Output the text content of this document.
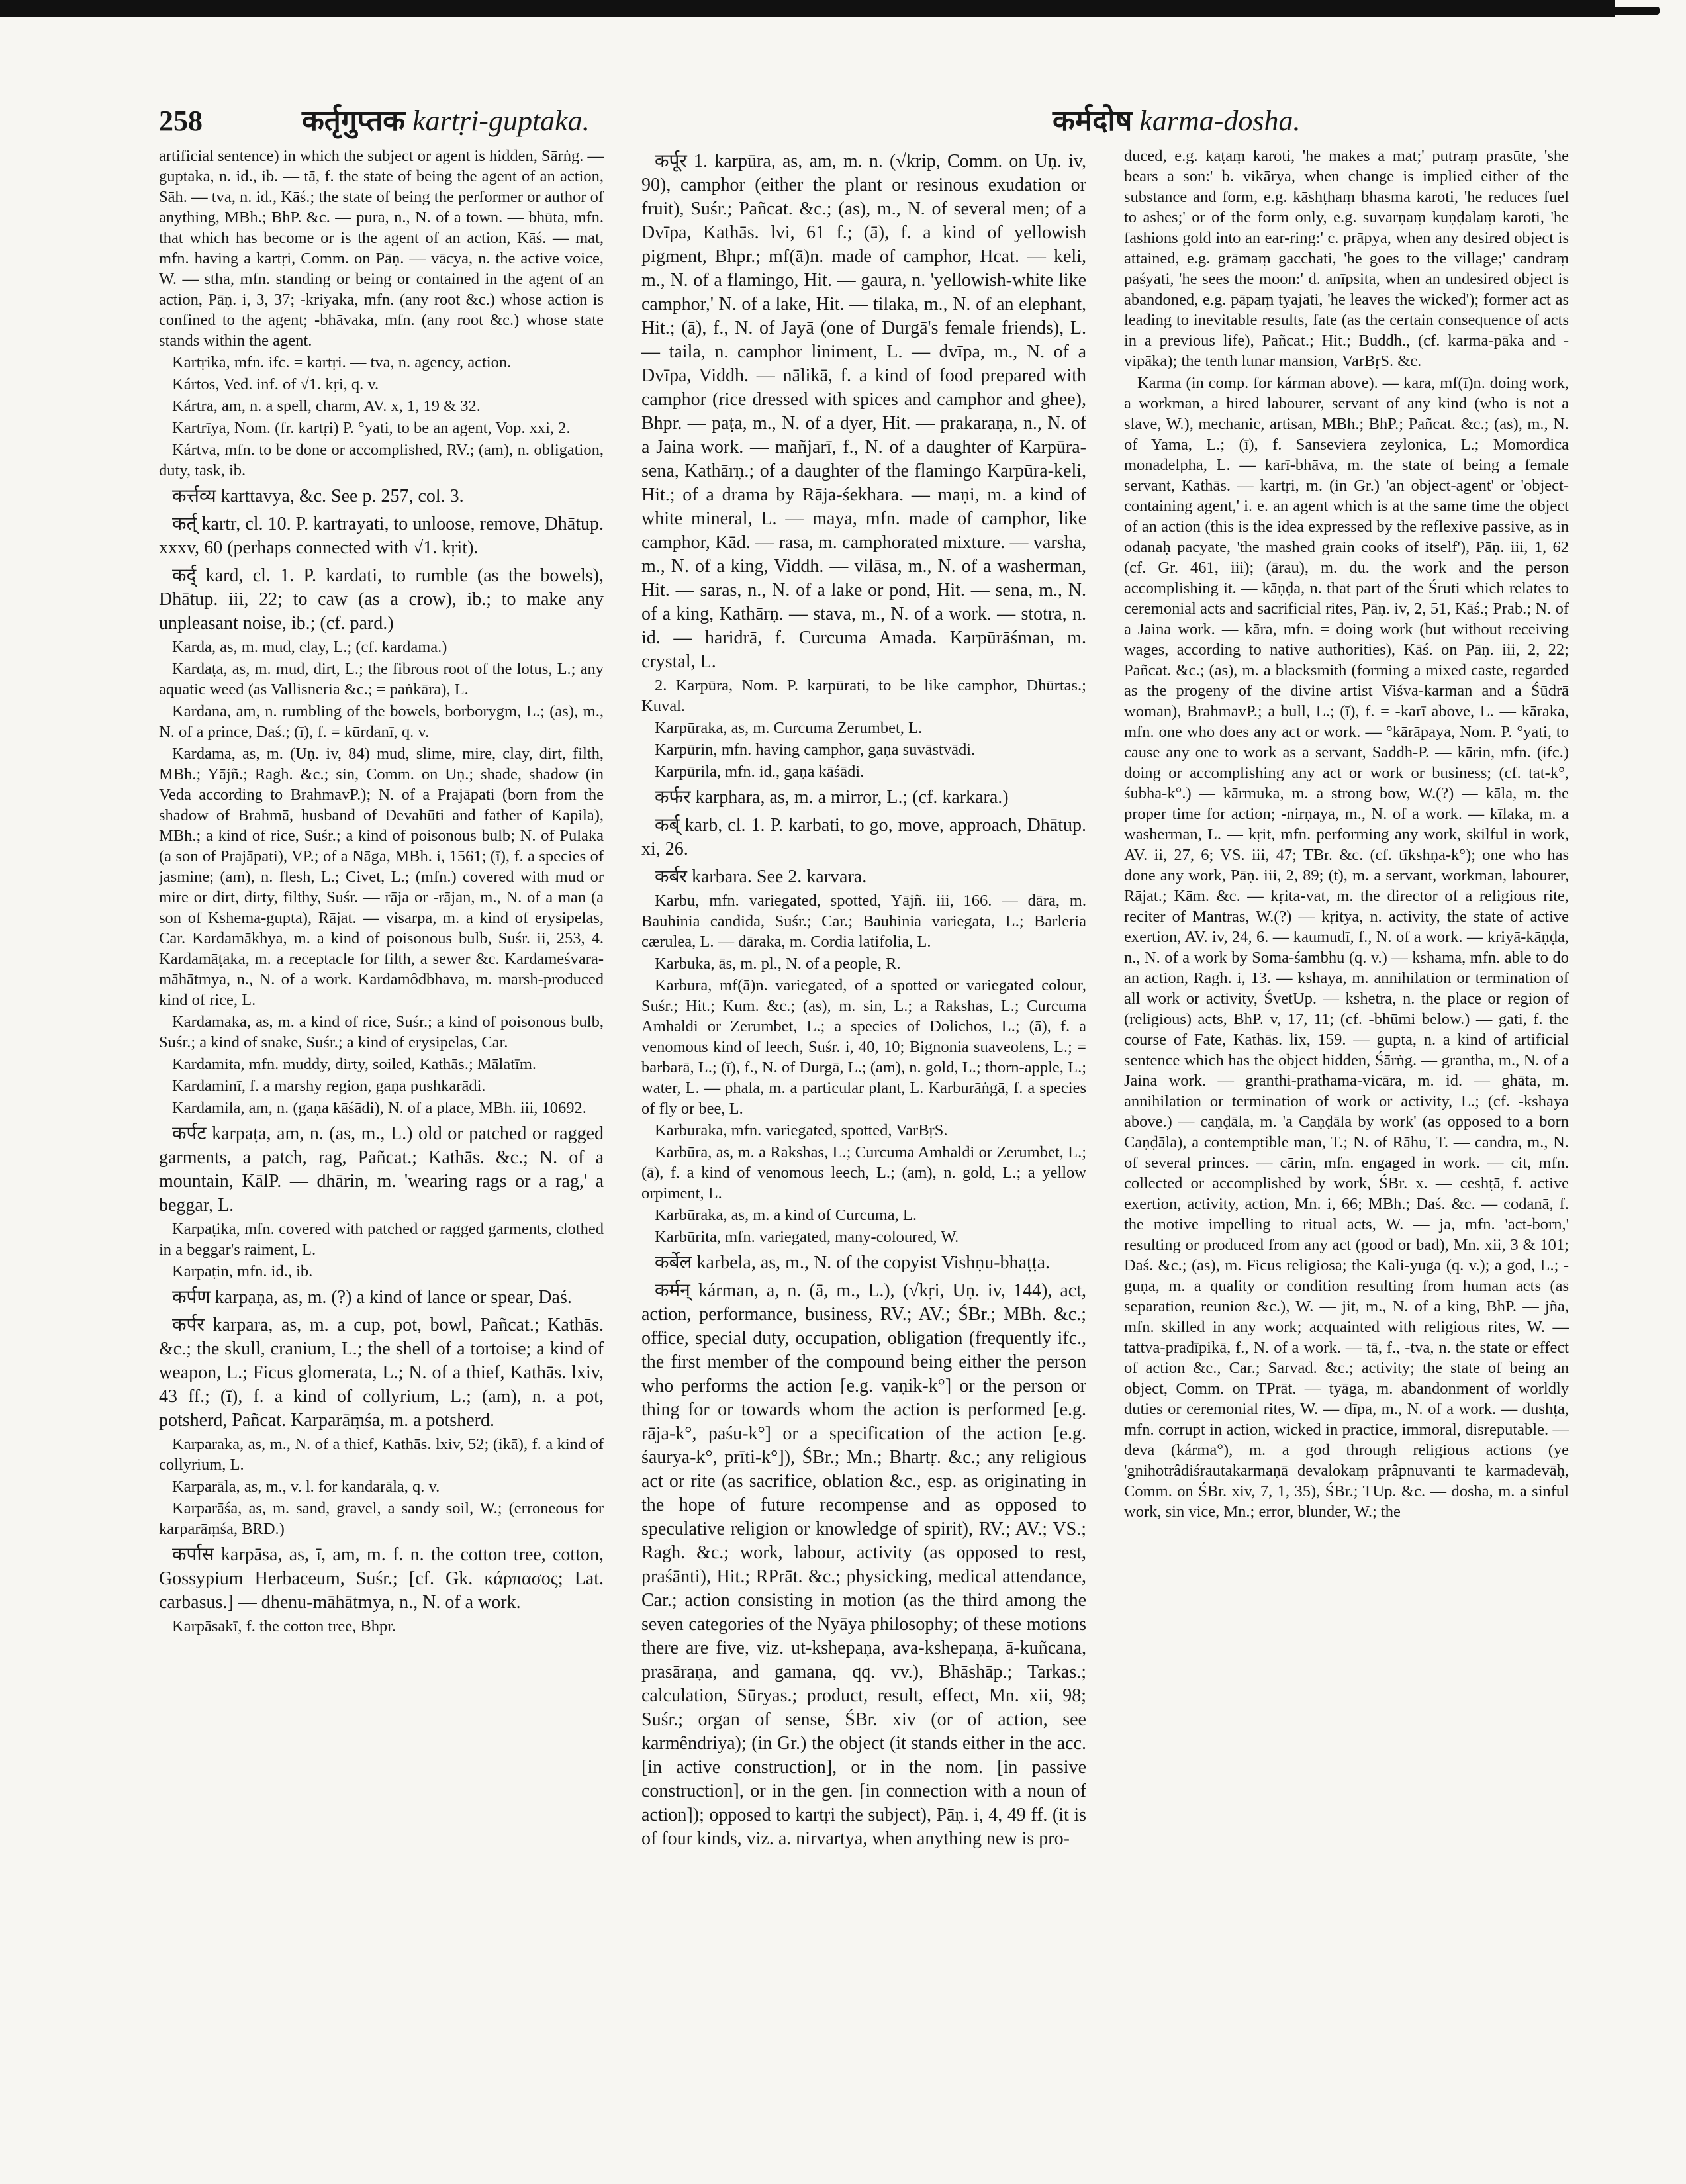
258	कर्तृगुप्तक kartṛi-guptaka.	कर्मदोष karma-dosha.

artificial sentence) in which the subject or agent is hidden, Sārṅg. — guptaka, n. id., ib. — tā, f. the state of being the agent of an action, Sāh. — tva, n. id., Kāś.; the state of being the performer or author of anything, MBh.; BhP. &c. — pura, n., N. of a town. — bhūta, mfn. that which has become or is the agent of an action, Kāś. — mat, mfn. having a kartṛi, Comm. on Pāṇ. — vācya, n. the active voice, W. — stha, mfn. standing or being or contained in the agent of an action, Pāṇ. i, 3, 37; -kriyaka, mfn. (any root &c.) whose action is confined to the agent; -bhāvaka, mfn. (any root &c.) whose state stands within the agent.

Kartṛika, mfn. ifc. = kartṛi. — tva, n. agency, action.

Kártos, Ved. inf. of √1. kṛi, q. v.

Kártra, am, n. a spell, charm, AV. x, 1, 19 & 32.

Kartrīya, Nom. (fr. kartṛi) P. °yati, to be an agent, Vop. xxi, 2.

Kártva, mfn. to be done or accomplished, RV.; (am), n. obligation, duty, task, ib.

कर्त्तव्य karttavya, &c. See p. 257, col. 3.

कर्त् kartr, cl. 10. P. kartrayati, to unloose, remove, Dhātup. xxxv, 60 (perhaps connected with √1. kṛit).

कर्द् kard, cl. 1. P. kardati, to rumble (as the bowels), Dhātup. iii, 22; to caw (as a crow), ib.; to make any unpleasant noise, ib.; (cf. pard.)

Karda, as, m. mud, clay, L.; (cf. kardama.)

Kardaṭa, as, m. mud, dirt, L.; the fibrous root of the lotus, L.; any aquatic weed (as Vallisneria &c.; = paṅkāra), L.

Kardana, am, n. rumbling of the bowels, borborygm, L.; (as), m., N. of a prince, Daś.; (ī), f. = kūrdanī, q. v.

Kardama, as, m. (Uṇ. iv, 84) mud, slime, mire, clay, dirt, filth, MBh.; Yājñ.; Ragh. &c.; sin, Comm. on Uṇ.; shade, shadow (in Veda according to BrahmavP.); N. of a Prajāpati (born from the shadow of Brahmā, husband of Devahūti and father of Kapila), MBh.; a kind of rice, Suśr.; a kind of poisonous bulb; N. of Pulaka (a son of Prajāpati), VP.; of a Nāga, MBh. i, 1561; (ī), f. a species of jasmine; (am), n. flesh, L.; Civet, L.; (mfn.) covered with mud or mire or dirt, dirty, filthy, Suśr. — rāja or -rājan, m., N. of a man (a son of Kshema-gupta), Rājat. — visarpa, m. a kind of erysipelas, Car. Kardamākhya, m. a kind of poisonous bulb, Suśr. ii, 253, 4. Kardamāṭaka, m. a receptacle for filth, a sewer &c. Kardameśvara-māhātmya, n., N. of a work. Kardamôdbhava, m. marsh-produced kind of rice, L.

Kardamaka, as, m. a kind of rice, Suśr.; a kind of poisonous bulb, Suśr.; a kind of snake, Suśr.; a kind of erysipelas, Car.

Kardamita, mfn. muddy, dirty, soiled, Kathās.; Mālatīm.

Kardaminī, f. a marshy region, gaṇa pushkarādi.

Kardamila, am, n. (gaṇa kāśādi), N. of a place, MBh. iii, 10692.

कर्पट karpaṭa, am, n. (as, m., L.) old or patched or ragged garments, a patch, rag, Pañcat.; Kathās. &c.; N. of a mountain, KālP. — dhārin, m. 'wearing rags or a rag,' a beggar, L.

Karpaṭika, mfn. covered with patched or ragged garments, clothed in a beggar's raiment, L.

Karpaṭin, mfn. id., ib.

कर्पण karpaṇa, as, m. (?) a kind of lance or spear, Daś.

कर्पर karpara, as, m. a cup, pot, bowl, Pañcat.; Kathās. &c.; the skull, cranium, L.; the shell of a tortoise; a kind of weapon, L.; Ficus glomerata, L.; N. of a thief, Kathās. lxiv, 43 ff.; (ī), f. a kind of collyrium, L.; (am), n. a pot, potsherd, Pañcat. Karparāṃśa, m. a potsherd.

Karparaka, as, m., N. of a thief, Kathās. lxiv, 52; (ikā), f. a kind of collyrium, L.

Karparāla, as, m., v. l. for kandarāla, q. v.

Karparāśa, as, m. sand, gravel, a sandy soil, W.; (erroneous for karparāṃśa, BRD.)

कर्पास karpāsa, as, ī, am, m. f. n. the cotton tree, cotton, Gossypium Herbaceum, Suśr.; [cf. Gk. κάρπασος; Lat. carbasus.] — dhenu-māhātmya, n., N. of a work.

Karpāsakī, f. the cotton tree, Bhpr.

कर्पूर 1. karpūra, as, am, m. n. (√krip, Comm. on Uṇ. iv, 90), camphor (either the plant or resinous exudation or fruit), Suśr.; Pañcat. &c.; (as), m., N. of several men; of a Dvīpa, Kathās. lvi, 61 f.; (ā), f. a kind of yellowish pigment, Bhpr.; mf(ā)n. made of camphor, Hcat. — keli, m., N. of a flamingo, Hit. — gaura, n. 'yellowish-white like camphor,' N. of a lake, Hit. — tilaka, m., N. of an elephant, Hit.; (ā), f., N. of Jayā (one of Durgā's female friends), L. — taila, n. camphor liniment, L. — dvīpa, m., N. of a Dvīpa, Viddh. — nālikā, f. a kind of food prepared with camphor (rice dressed with spices and camphor and ghee), Bhpr. — paṭa, m., N. of a dyer, Hit. — prakaraṇa, n., N. of a Jaina work. — mañjarī, f., N. of a daughter of Karpūra-sena, Kathārṇ.; of a daughter of the flamingo Karpūra-keli, Hit.; of a drama by Rāja-śekhara. — maṇi, m. a kind of white mineral, L. — maya, mfn. made of camphor, like camphor, Kād. — rasa, m. camphorated mixture. — varsha, m., N. of a king, Viddh. — vilāsa, m., N. of a washerman, Hit. — saras, n., N. of a lake or pond, Hit. — sena, m., N. of a king, Kathārṇ. — stava, m., N. of a work. — stotra, n. id. — haridrā, f. Curcuma Amada. Karpūrāśman, m. crystal, L.

2. Karpūra, Nom. P. karpūrati, to be like camphor, Dhūrtas.; Kuval.

Karpūraka, as, m. Curcuma Zerumbet, L.

Karpūrin, mfn. having camphor, gaṇa suvāstvādi.

Karpūrila, mfn. id., gaṇa kāśādi.

कर्फर karphara, as, m. a mirror, L.; (cf. karkara.)

कर्ब् karb, cl. 1. P. karbati, to go, move, approach, Dhātup. xi, 26.

कर्बर karbara. See 2. karvara.

Karbu, mfn. variegated, spotted, Yājñ. iii, 166. — dāra, m. Bauhinia candida, Suśr.; Car.; Bauhinia variegata, L.; Barleria cærulea, L. — dāraka, m. Cordia latifolia, L.

Karbuka, ās, m. pl., N. of a people, R.

Karbura, mf(ā)n. variegated, of a spotted or variegated colour, Suśr.; Hit.; Kum. &c.; (as), m. sin, L.; a Rakshas, L.; Curcuma Amhaldi or Zerumbet, L.; a species of Dolichos, L.; (ā), f. a venomous kind of leech, Suśr. i, 40, 10; Bignonia suaveolens, L.; = barbarā, L.; (ī), f., N. of Durgā, L.; (am), n. gold, L.; thorn-apple, L.; water, L. — phala, m. a particular plant, L. Karburāṅgā, f. a species of fly or bee, L.

Karburaka, mfn. variegated, spotted, VarBṛS.

Karbūra, as, m. a Rakshas, L.; Curcuma Amhaldi or Zerumbet, L.; (ā), f. a kind of venomous leech, L.; (am), n. gold, L.; a yellow orpiment, L.

Karbūraka, as, m. a kind of Curcuma, L.

Karbūrita, mfn. variegated, many-coloured, W.

कर्बेल karbela, as, m., N. of the copyist Vishṇu-bhaṭṭa.

कर्मन् kárman, a, n. (ā, m., L.), (√kṛi, Uṇ. iv, 144), act, action, performance, business, RV.; AV.; ŚBr.; MBh. &c.; office, special duty, occupation, obligation (frequently ifc., the first member of the compound being either the person who performs the action [e.g. vaṇik-k°] or the person or thing for or towards whom the action is performed [e.g. rāja-k°, paśu-k°] or a specification of the action [e.g. śaurya-k°, prīti-k°]), ŚBr.; Mn.; Bhartṛ. &c.; any religious act or rite (as sacrifice, oblation &c., esp. as originating in the hope of future recompense and as opposed to speculative religion or knowledge of spirit), RV.; AV.; VS.; Ragh. &c.; work, labour, activity (as opposed to rest, praśānti), Hit.; RPrāt. &c.; physicking, medical attendance, Car.; action consisting in motion (as the third among the seven categories of the Nyāya philosophy; of these motions there are five, viz. ut-kshepaṇa, ava-kshepaṇa, ā-kuñcana, prasāraṇa, and gamana, qq. vv.), Bhāshāp.; Tarkas.; calculation, Sūryas.; product, result, effect, Mn. xii, 98; Suśr.; organ of sense, ŚBr. xiv (or of action, see karmêndriya); (in Gr.) the object (it stands either in the acc. [in active construction], or in the nom. [in passive construction], or in the gen. [in connection with a noun of action]); opposed to kartṛi the subject), Pāṇ. i, 4, 49 ff. (it is of four kinds, viz. a. nirvartya, when anything new is pro-

duced, e.g. kaṭaṃ karoti, 'he makes a mat;' putraṃ prasūte, 'she bears a son:' b. vikārya, when change is implied either of the substance and form, e.g. kāshṭhaṃ bhasma karoti, 'he reduces fuel to ashes;' or of the form only, e.g. suvarṇaṃ kuṇḍalaṃ karoti, 'he fashions gold into an ear-ring:' c. prāpya, when any desired object is attained, e.g. grāmaṃ gacchati, 'he goes to the village;' candraṃ paśyati, 'he sees the moon:' d. anīpsita, when an undesired object is abandoned, e.g. pāpaṃ tyajati, 'he leaves the wicked'); former act as leading to inevitable results, fate (as the certain consequence of acts in a previous life), Pañcat.; Hit.; Buddh., (cf. karma-pāka and -vipāka); the tenth lunar mansion, VarBṛS. &c.

Karma (in comp. for kárman above). — kara, mf(ī)n. doing work, a workman, a hired labourer, servant of any kind (who is not a slave, W.), mechanic, artisan, MBh.; BhP.; Pañcat. &c.; (as), m., N. of Yama, L.; (ī), f. Sanseviera zeylonica, L.; Momordica monadelpha, L. — karī-bhāva, m. the state of being a female servant, Kathās. — kartṛi, m. (in Gr.) 'an object-agent' or 'object-containing agent,' i. e. an agent which is at the same time the object of an action (this is the idea expressed by the reflexive passive, as in odanaḥ pacyate, 'the mashed grain cooks of itself'), Pāṇ. iii, 1, 62 (cf. Gr. 461, iii); (ārau), m. du. the work and the person accomplishing it. — kāṇḍa, n. that part of the Śruti which relates to ceremonial acts and sacrificial rites, Pāṇ. iv, 2, 51, Kāś.; Prab.; N. of a Jaina work. — kāra, mfn. = doing work (but without receiving wages, according to native authorities), Kāś. on Pāṇ. iii, 2, 22; Pañcat. &c.; (as), m. a blacksmith (forming a mixed caste, regarded as the progeny of the divine artist Viśva-karman and a Śūdrā woman), BrahmavP.; a bull, L.; (ī), f. = -karī above, L. — kāraka, mfn. one who does any act or work. — °kārāpaya, Nom. P. °yati, to cause any one to work as a servant, Saddh-P. — kārin, mfn. (ifc.) doing or accomplishing any act or work or business; (cf. tat-k°, śubha-k°.) — kārmuka, m. a strong bow, W.(?) — kāla, m. the proper time for action; -nirṇaya, m., N. of a work. — kīlaka, m. a washerman, L. — kṛit, mfn. performing any work, skilful in work, AV. ii, 27, 6; VS. iii, 47; TBr. &c. (cf. tīkshṇa-k°); one who has done any work, Pāṇ. iii, 2, 89; (t), m. a servant, workman, labourer, Rājat.; Kām. &c. — kṛita-vat, m. the director of a religious rite, reciter of Mantras, W.(?) — kṛitya, n. activity, the state of active exertion, AV. iv, 24, 6. — kaumudī, f., N. of a work. — kriyā-kāṇḍa, n., N. of a work by Soma-śambhu (q. v.) — kshama, mfn. able to do an action, Ragh. i, 13. — kshaya, m. annihilation or termination of all work or activity, ŚvetUp. — kshetra, n. the place or region of (religious) acts, BhP. v, 17, 11; (cf. -bhūmi below.) — gati, f. the course of Fate, Kathās. lix, 159. — gupta, n. a kind of artificial sentence which has the object hidden, Śārṅg. — grantha, m., N. of a Jaina work. — granthi-prathama-vicāra, m. id. — ghāta, m. annihilation or termination of work or activity, L.; (cf. -kshaya above.) — caṇḍāla, m. 'a Caṇḍāla by work' (as opposed to a born Caṇḍāla), a contemptible man, T.; N. of Rāhu, T. — candra, m., N. of several princes. — cārin, mfn. engaged in work. — cit, mfn. collected or accomplished by work, ŚBr. x. — ceshṭā, f. active exertion, activity, action, Mn. i, 66; MBh.; Daś. &c. — codanā, f. the motive impelling to ritual acts, W. — ja, mfn. 'act-born,' resulting or produced from any act (good or bad), Mn. xii, 3 & 101; Daś. &c.; (as), m. Ficus religiosa; the Kali-yuga (q. v.); a god, L.; -guṇa, m. a quality or condition resulting from human acts (as separation, reunion &c.), W. — jit, m., N. of a king, BhP. — jña, mfn. skilled in any work; acquainted with religious rites, W. — tattva-pradīpikā, f., N. of a work. — tā, f., -tva, n. the state or effect of action &c., Car.; Sarvad. &c.; activity; the state of being an object, Comm. on TPrāt. — tyāga, m. abandonment of worldly duties or ceremonial rites, W. — dīpa, m., N. of a work. — dushṭa, mfn. corrupt in action, wicked in practice, immoral, disreputable. — deva (kárma°), m. a god through religious actions (ye 'gnihotrâdiśrautakarmaṇā devalokaṃ prâpnuvanti te karmadevāḥ, Comm. on ŚBr. xiv, 7, 1, 35), ŚBr.; TUp. &c. — dosha, m. a sinful work, sin vice, Mn.; error, blunder, W.; the
